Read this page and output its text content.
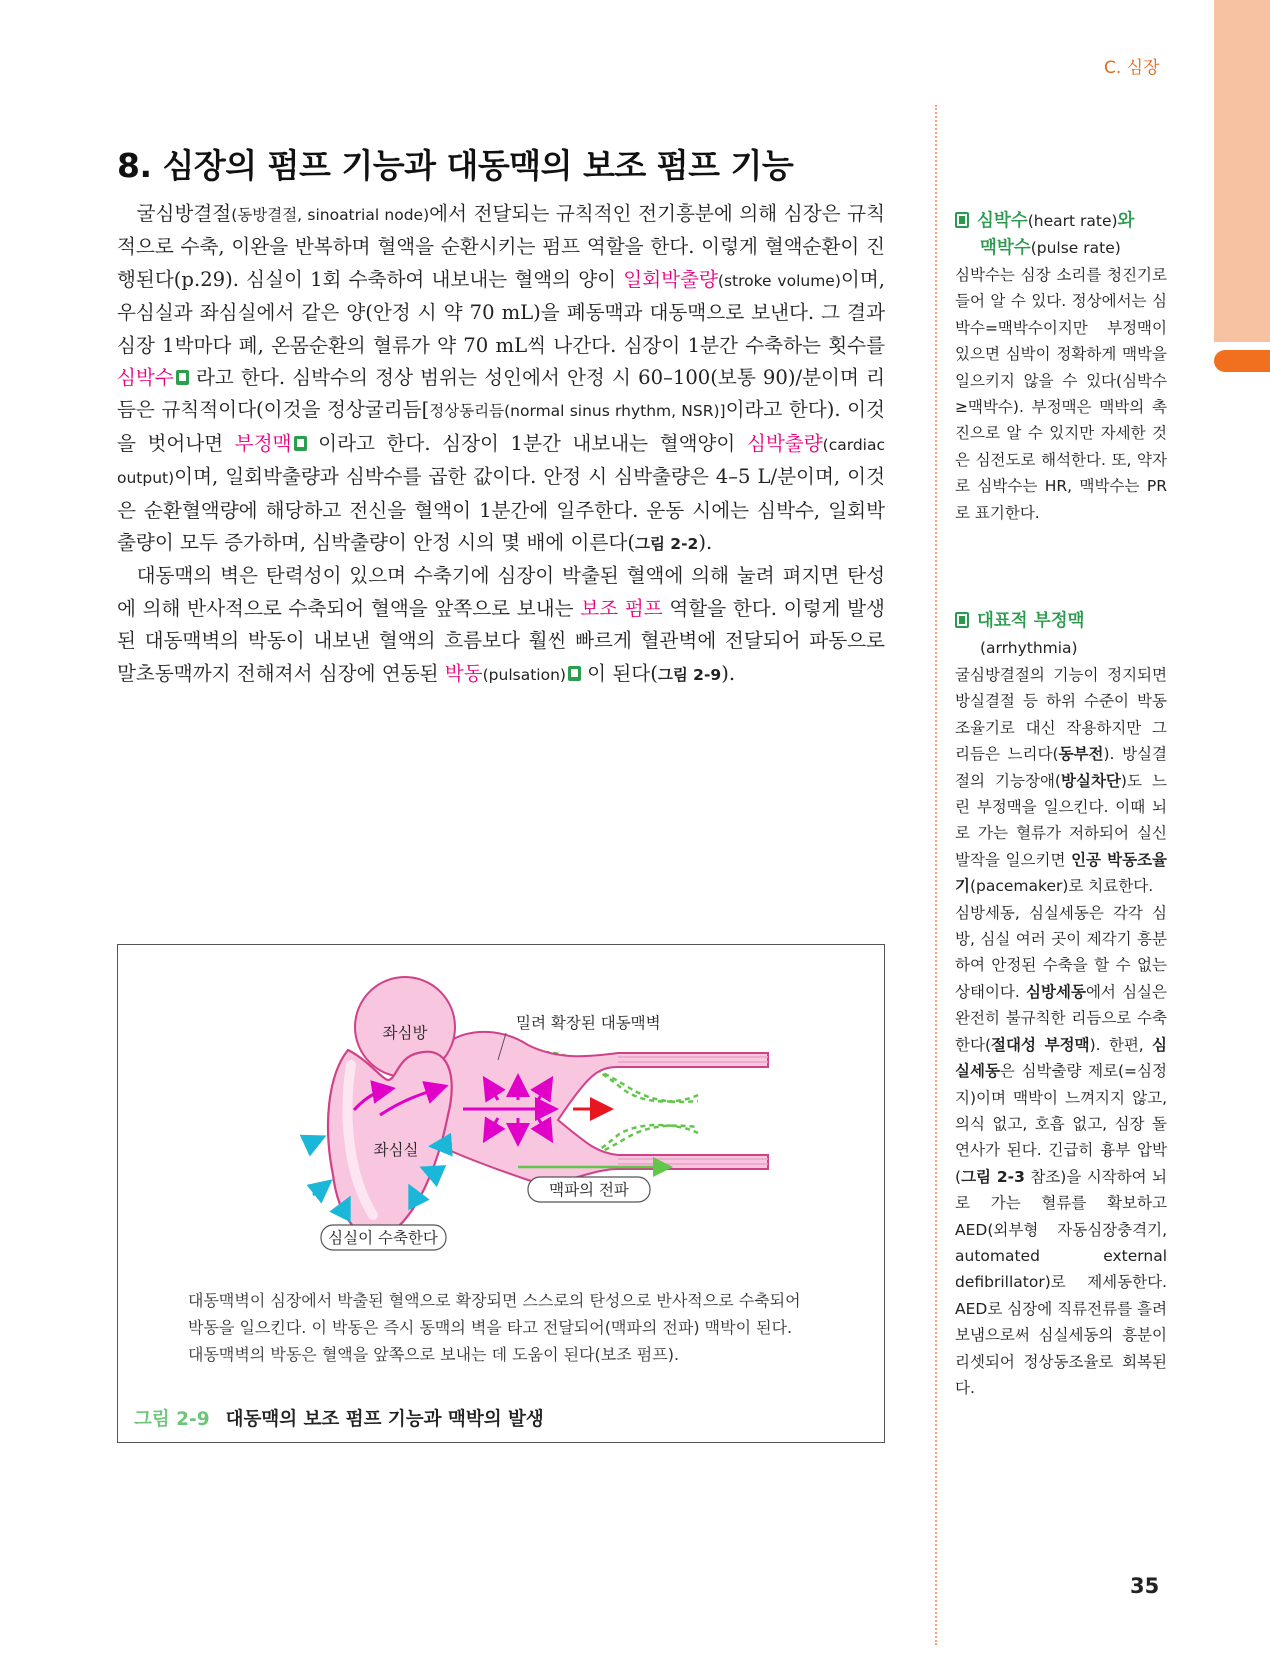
C. 심장
8. 심장의 펌프 기능과 대동맥의 보조 펌프 기능

굴심방결절(동방결절, sinoatrial node)에서 전달되는 규칙적인 전기흥분에 의해 심장은 규칙적으로 수축, 이완을 반복하며 혈액을 순환시키는 펌프 역할을 한다. 이렇게 혈액순환이 진행된다(p.29). 심실이 1회 수축하여 내보내는 혈액의 양이 일회박출량(stroke volume)이며, 우심실과 좌심실에서 같은 양(안정 시 약 70 mL)을 폐동맥과 대동맥으로 보낸다. 그 결과 심장 1박마다 폐, 온몸순환의 혈류가 약 70 mL씩 나간다. 심장이 1분간 수축하는 횟수를 심박수 라고 한다. 심박수의 정상 범위는 성인에서 안정 시 60–100(보통 90)/분이며 리듬은 규칙적이다(이것을 정상굴리듬[정상동리듬(normal sinus rhythm, NSR)]이라고 한다). 이것을 벗어나면 부정맥 이라고 한다. 심장이 1분간 내보내는 혈액양이 심박출량(cardiac output)이며, 일회박출량과 심박수를 곱한 값이다. 안정 시 심박출량은 4–5 L/분이며, 이것은 순환혈액량에 해당하고 전신을 혈액이 1분간에 일주한다. 운동 시에는 심박수, 일회박출량이 모두 증가하며, 심박출량이 안정 시의 몇 배에 이른다(그림 2-2).

대동맥의 벽은 탄력성이 있으며 수축기에 심장이 박출된 혈액에 의해 눌려 펴지면 탄성에 의해 반사적으로 수축되어 혈액을 앞쪽으로 보내는 보조 펌프 역할을 한다. 이렇게 발생된 대동맥벽의 박동이 내보낸 혈액의 흐름보다 훨씬 빠르게 혈관벽에 전달되어 파동으로 말초동맥까지 전해져서 심장에 연동된 박동(pulsation) 이 된다(그림 2-9).

좌심방
좌심실
밀려 확장된 대동맥벽
맥파의 전파
심실이 수축한다
대동맥벽이 심장에서 박출된 혈액으로 확장되면 스스로의 탄성으로 반사적으로 수축되어
박동을 일으킨다. 이 박동은 즉시 동맥의 벽을 타고 전달되어(맥파의 전파) 맥박이 된다.
대동맥벽의 박동은 혈액을 앞쪽으로 보내는 데 도움이 된다(보조 펌프).
그림 2-9 대동맥의 보조 펌프 기능과 맥박의 발생
심박수(heart rate)와
맥박수(pulse rate)

심박수는 심장 소리를 청진기로 들어 알 수 있다. 정상에서는 심박수=맥박수이지만 부정맥이 있으면 심박이 정확하게 맥박을 일으키지 않을 수 있다(심박수≥맥박수). 부정맥은 맥박의 촉진으로 알 수 있지만 자세한 것은 심전도로 해석한다. 또, 약자로 심박수는 HR, 맥박수는 PR로 표기한다.

대표적 부정맥
(arrhythmia)

굴심방결절의 기능이 정지되면 방실결절 등 하위 수준이 박동조율기로 대신 작용하지만 그 리듬은 느리다(동부전). 방실결절의 기능장애(방실차단)도 느린 부정맥을 일으킨다. 이때 뇌로 가는 혈류가 저하되어 실신 발작을 일으키면 인공 박동조율기(pacemaker)로 치료한다.

심방세동, 심실세동은 각각 심방, 심실 여러 곳이 제각기 흥분하여 안정된 수축을 할 수 없는 상태이다. 심방세동에서 심실은 완전히 불규칙한 리듬으로 수축한다(절대성 부정맥). 한편, 심실세동은 심박출량 제로(=심정지)이며 맥박이 느껴지지 않고, 의식 없고, 호흡 없고, 심장 돌연사가 된다. 긴급히 흉부 압박(그림 2-3 참조)을 시작하여 뇌로 가는 혈류를 확보하고 AED(외부형 자동심장충격기, automated external defibrillator)로 제세동한다. AED로 심장에 직류전류를 흘려보냄으로써 심실세동의 흥분이 리셋되어 정상동조율로 회복된다.

35
